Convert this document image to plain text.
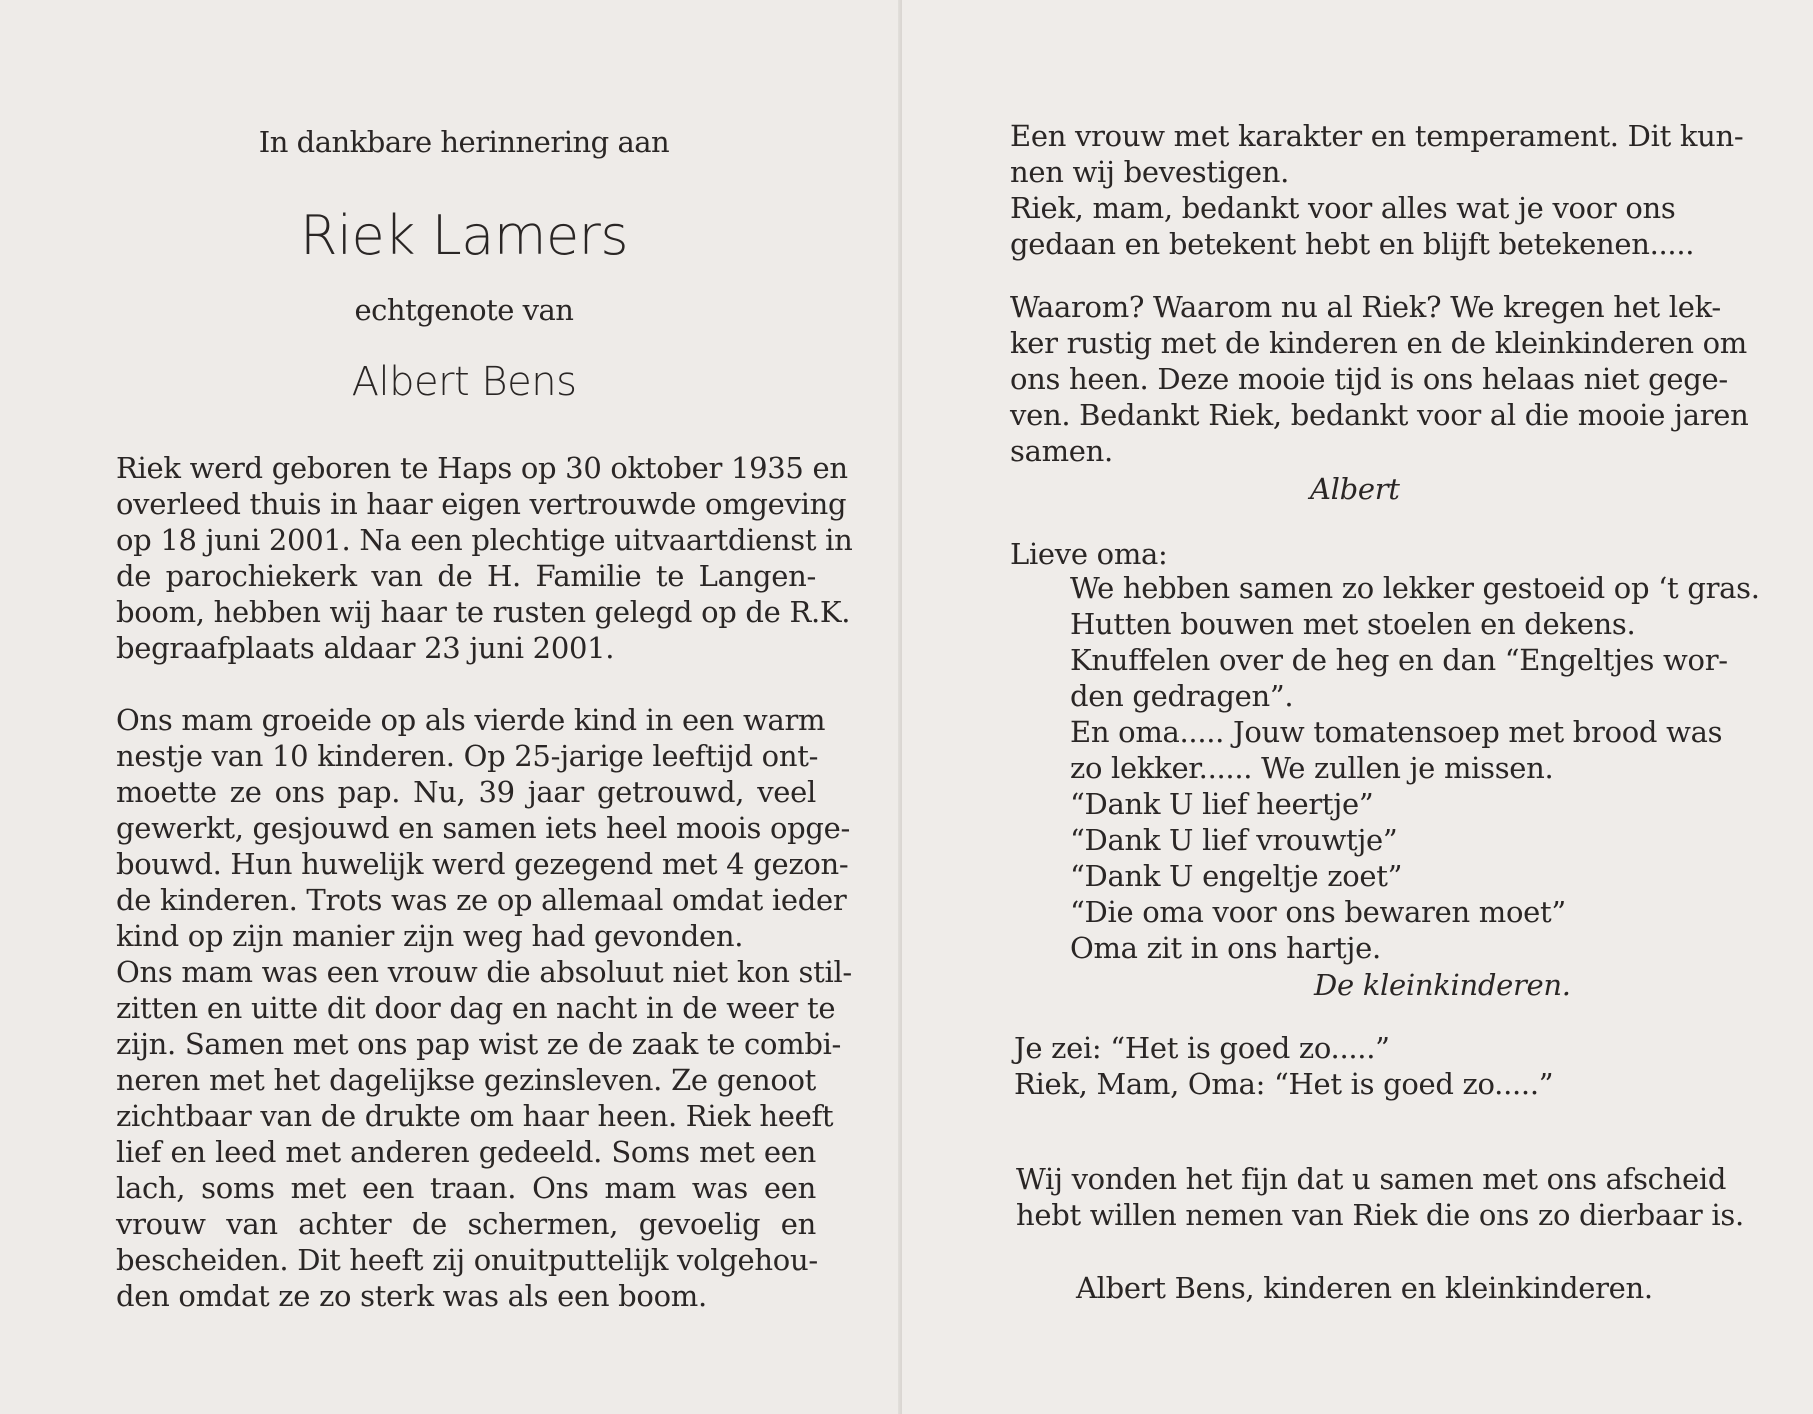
In dankbare herinnering aan
Riek Lamers
echtgenote van
Albert Bens
Riek werd geboren te Haps op 30 oktober 1935 en
overleed thuis in haar eigen vertrouwde omgeving
op 18 juni 2001. Na een plechtige uitvaartdienst in
de parochiekerk van de H. Familie te Langen-
boom, hebben wij haar te rusten gelegd op de R.K.
begraafplaats aldaar 23 juni 2001.
Ons mam groeide op als vierde kind in een warm
nestje van 10 kinderen. Op 25-jarige leeftijd ont-
moette ze ons pap. Nu, 39 jaar getrouwd, veel
gewerkt, gesjouwd en samen iets heel moois opge-
bouwd. Hun huwelijk werd gezegend met 4 gezon-
de kinderen. Trots was ze op allemaal omdat ieder
kind op zijn manier zijn weg had gevonden.
Ons mam was een vrouw die absoluut niet kon stil-
zitten en uitte dit door dag en nacht in de weer te
zijn. Samen met ons pap wist ze de zaak te combi-
neren met het dagelijkse gezinsleven. Ze genoot
zichtbaar van de drukte om haar heen. Riek heeft
lief en leed met anderen gedeeld. Soms met een
lach, soms met een traan. Ons mam was een
vrouw van achter de schermen, gevoelig en
bescheiden. Dit heeft zij onuitputtelijk volgehou-
den omdat ze zo sterk was als een boom.
Een vrouw met karakter en temperament. Dit kun-
nen wij bevestigen.
Riek, mam, bedankt voor alles wat je voor ons
gedaan en betekent hebt en blijft betekenen.....
Waarom? Waarom nu al Riek? We kregen het lek-
ker rustig met de kinderen en de kleinkinderen om
ons heen. Deze mooie tijd is ons helaas niet gege-
ven. Bedankt Riek, bedankt voor al die mooie jaren
samen.
Albert
Lieve oma:
We hebben samen zo lekker gestoeid op ‘t gras.
Hutten bouwen met stoelen en dekens.
Knuffelen over de heg en dan “Engeltjes wor-
den gedragen”.
En oma..... Jouw tomatensoep met brood was
zo lekker...... We zullen je missen.
“Dank U lief heertje”
“Dank U lief vrouwtje”
“Dank U engeltje zoet”
“Die oma voor ons bewaren moet”
Oma zit in ons hartje.
De kleinkinderen.
Je zei: “Het is goed zo.....”
Riek, Mam, Oma: “Het is goed zo.....”
Wij vonden het fijn dat u samen met ons afscheid
hebt willen nemen van Riek die ons zo dierbaar is.
Albert Bens, kinderen en kleinkinderen.
